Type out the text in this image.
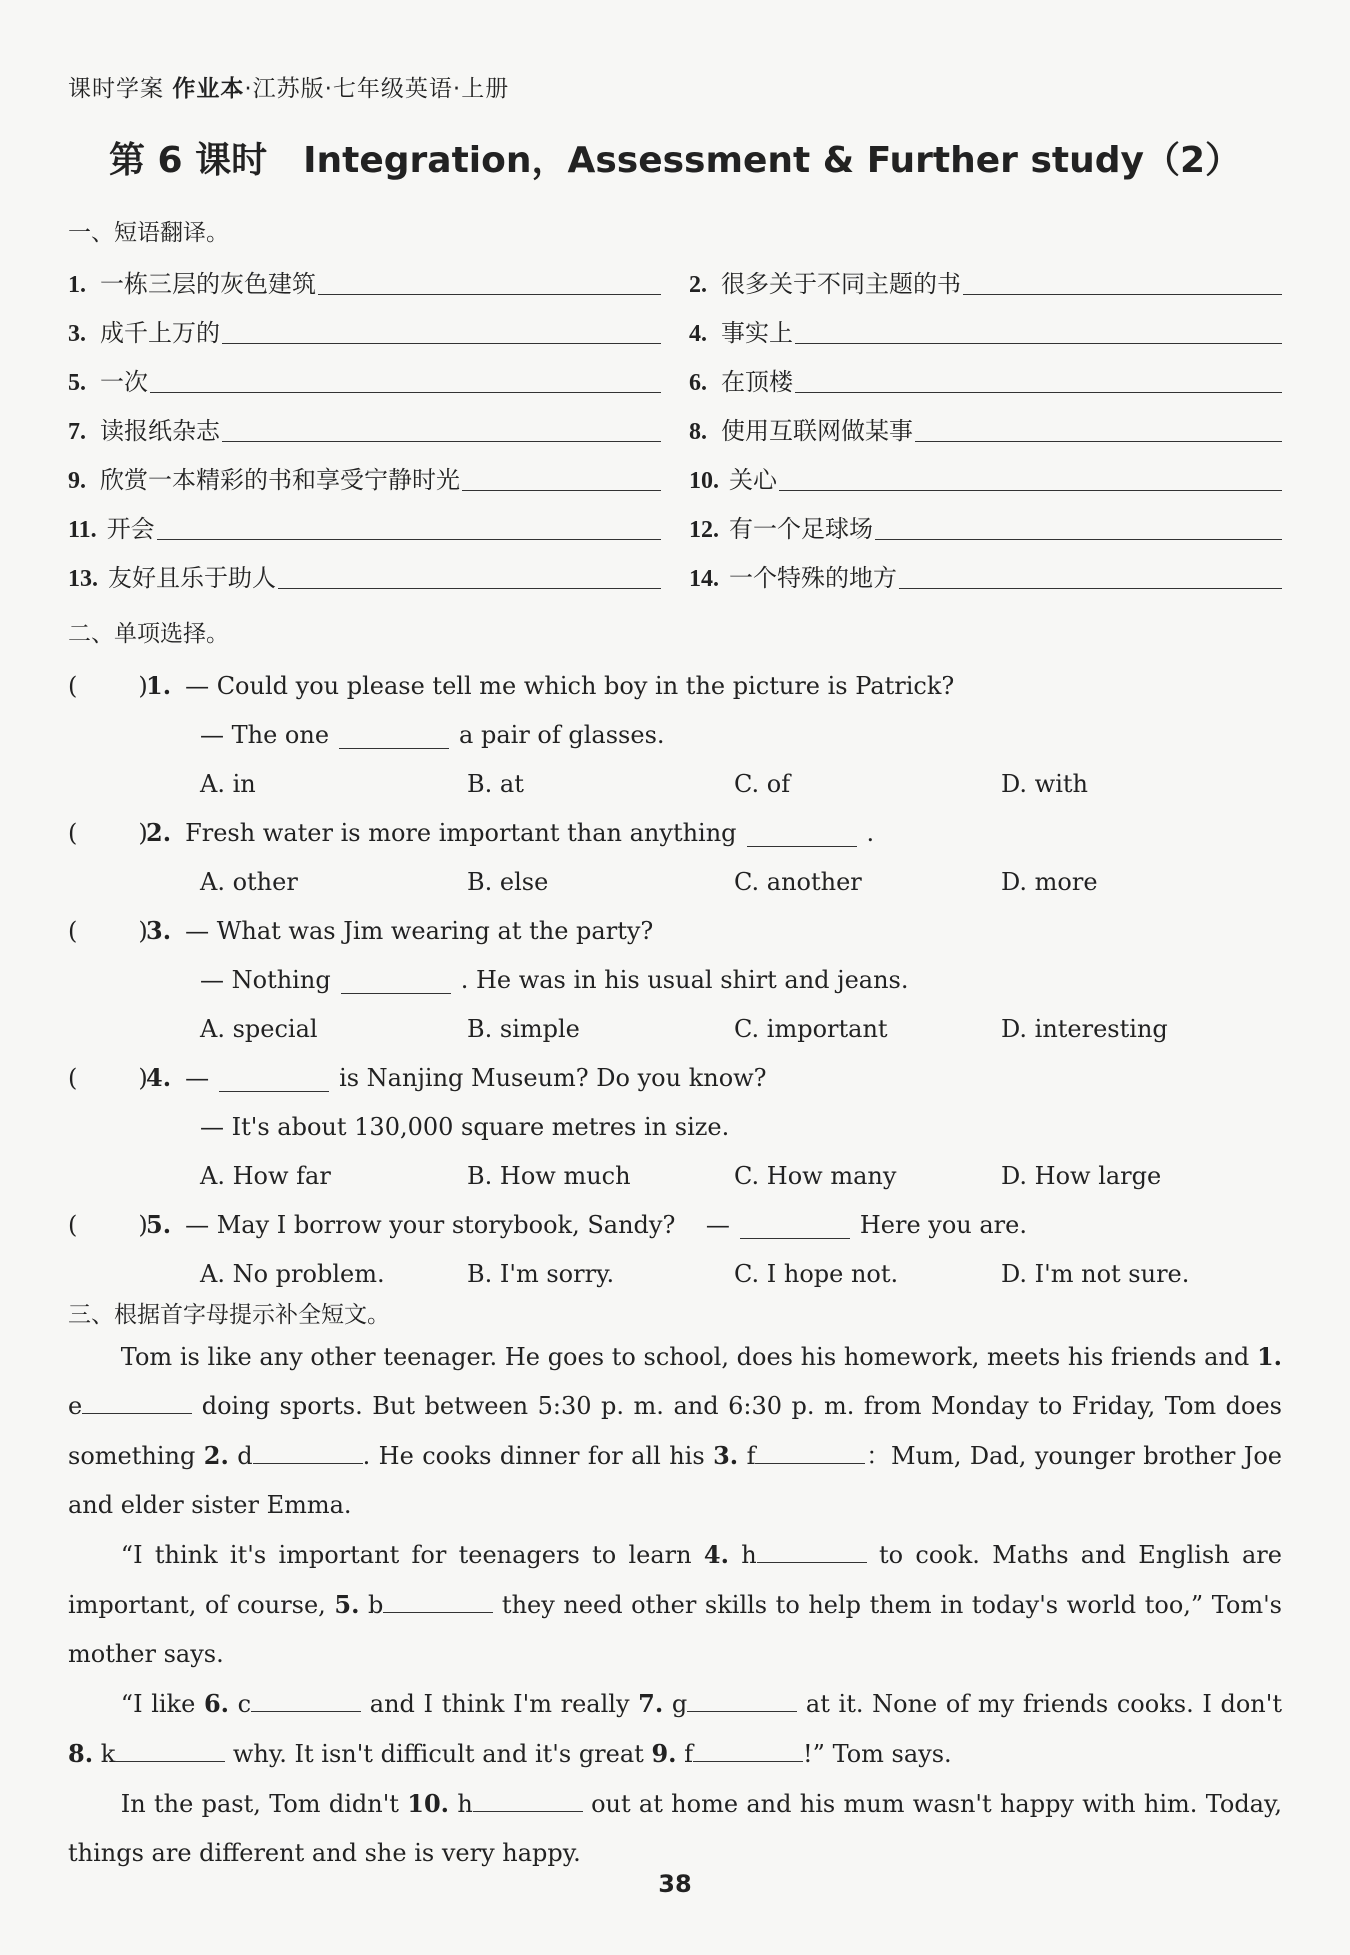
课时学案 作业本·江苏版·七年级英语·上册
第 6 课时 Integration，Assessment & Further study（2）
一、短语翻译。
1. 一栋三层的灰色建筑	2. 很多关于不同主题的书
3. 成千上万的	4. 事实上
5. 一次	6. 在顶楼
7. 读报纸杂志	8. 使用互联网做某事
9. 欣赏一本精彩的书和享受宁静时光	10. 关心
11. 开会	12. 有一个足球场
13. 友好且乐于助人	14. 一个特殊的地方
二、单项选择。
(        )
1. — Could you please tell me which boy in the picture is Patrick?
— The one	a pair of glasses.
A. in	B. at	C. of	D. with
(        )
2. Fresh water is more important than anything	.
A. other	B. else	C. another	D. more
(        )
3. — What was Jim wearing at the party?
— Nothing	. He was in his usual shirt and jeans.
A. special	B. simple	C. important	D. interesting
(        )
4. —	is Nanjing Museum? Do you know?
— It's about 130,000 square metres in size.
A. How far	B. How much	C. How many	D. How large
(        )
5. — May I borrow your storybook, Sandy?    —	Here you are.
A. No problem.	B. I'm sorry.	C. I hope not.	D. I'm not sure.
三、根据首字母提示补全短文。

Tom is like any other teenager. He goes to school, does his homework, meets his friends and 1. e	doing sports. But between 5:30 p. m. and 6:30 p. m. from Monday to Friday, Tom does something 2. d	. He cooks dinner for all his 3. f	：Mum, Dad, younger brother Joe and elder sister Emma.

“I think it's important for teenagers to learn 4. h	to cook. Maths and English are important, of course, 5. b	they need other skills to help them in today's world too,” Tom's mother says.

“I like 6. c	and I think I'm really 7. g	at it. None of my friends cooks. I don't 8. k	why. It isn't difficult and it's great 9. f	!” Tom says.

In the past, Tom didn't 10. h	out at home and his mum wasn't happy with him. Today, things are different and she is very happy.

38
